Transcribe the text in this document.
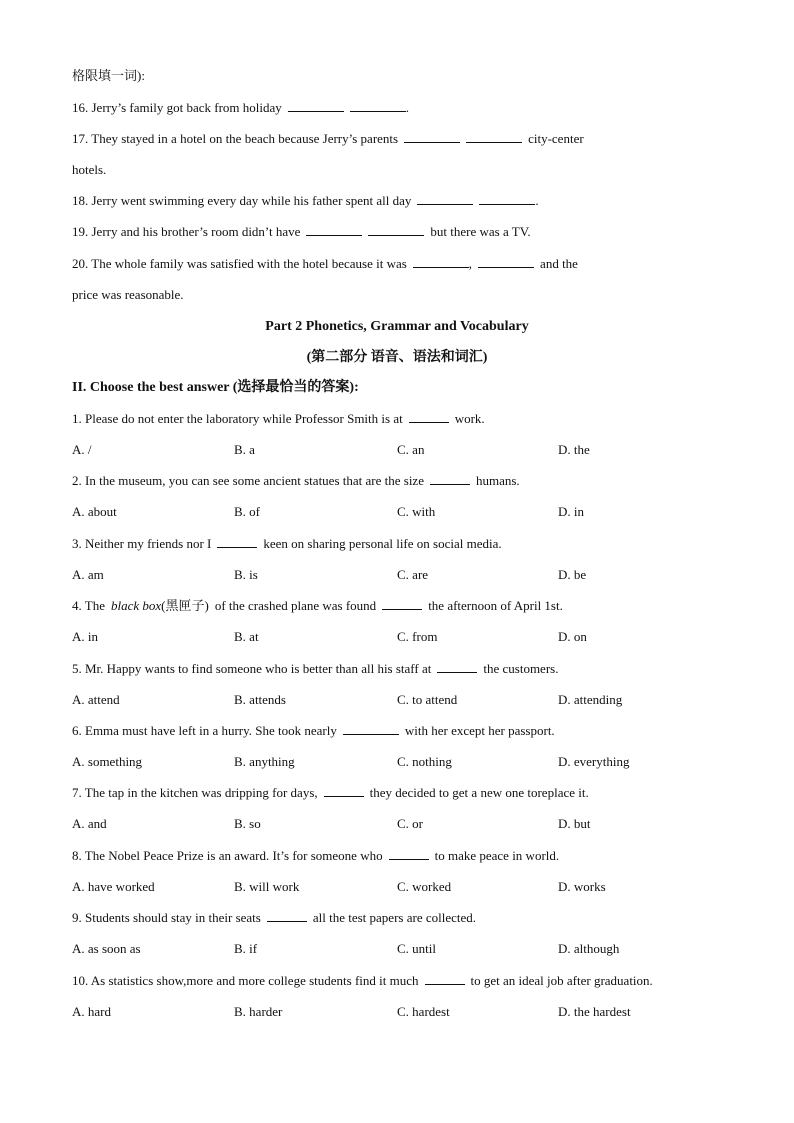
格限填一词):
16. Jerry’s family got back from holiday	.
17. They stayed in a hotel on the beach because Jerry’s parents	city-center
hotels.
18. Jerry went swimming every day while his father spent all day	.
19. Jerry and his brother’s room didn’t have	but there was a TV.
20. The whole family was satisfied with the hotel because it was	,	and the
price was reasonable.
Part 2 Phonetics, Grammar and Vocabulary
(第二部分 语音、语法和词汇)
II. Choose the best answer (选择最恰当的答案):
1. Please do not enter the laboratory while Professor Smith is at	work.
A. /	B. a	C. an	D. the
2. In the museum, you can see some ancient statues that are the size	humans.
A. about	B. of	C. with	D. in
3. Neither my friends nor I	keen on sharing personal life on social media.
A. am	B. is	C. are	D. be
4. The black box(黑匣子) of the crashed plane was found	the afternoon of April 1st.
A. in	B. at	C. from	D. on
5. Mr. Happy wants to find someone who is better than all his staff at	the customers.
A. attend	B. attends	C. to attend	D. attending
6. Emma must have left in a hurry. She took nearly	with her except her passport.
A. something	B. anything	C. nothing	D. everything
7. The tap in the kitchen was dripping for days,	they decided to get a new one toreplace it.
A. and	B. so	C. or	D. but
8. The Nobel Peace Prize is an award. It’s for someone who	to make peace in world.
A. have worked	B. will work	C. worked	D. works
9. Students should stay in their seats	all the test papers are collected.
A. as soon as	B. if	C. until	D. although
10. As statistics show,more and more college students find it much	to get an ideal job after graduation.
A. hard	B. harder	C. hardest	D. the hardest
